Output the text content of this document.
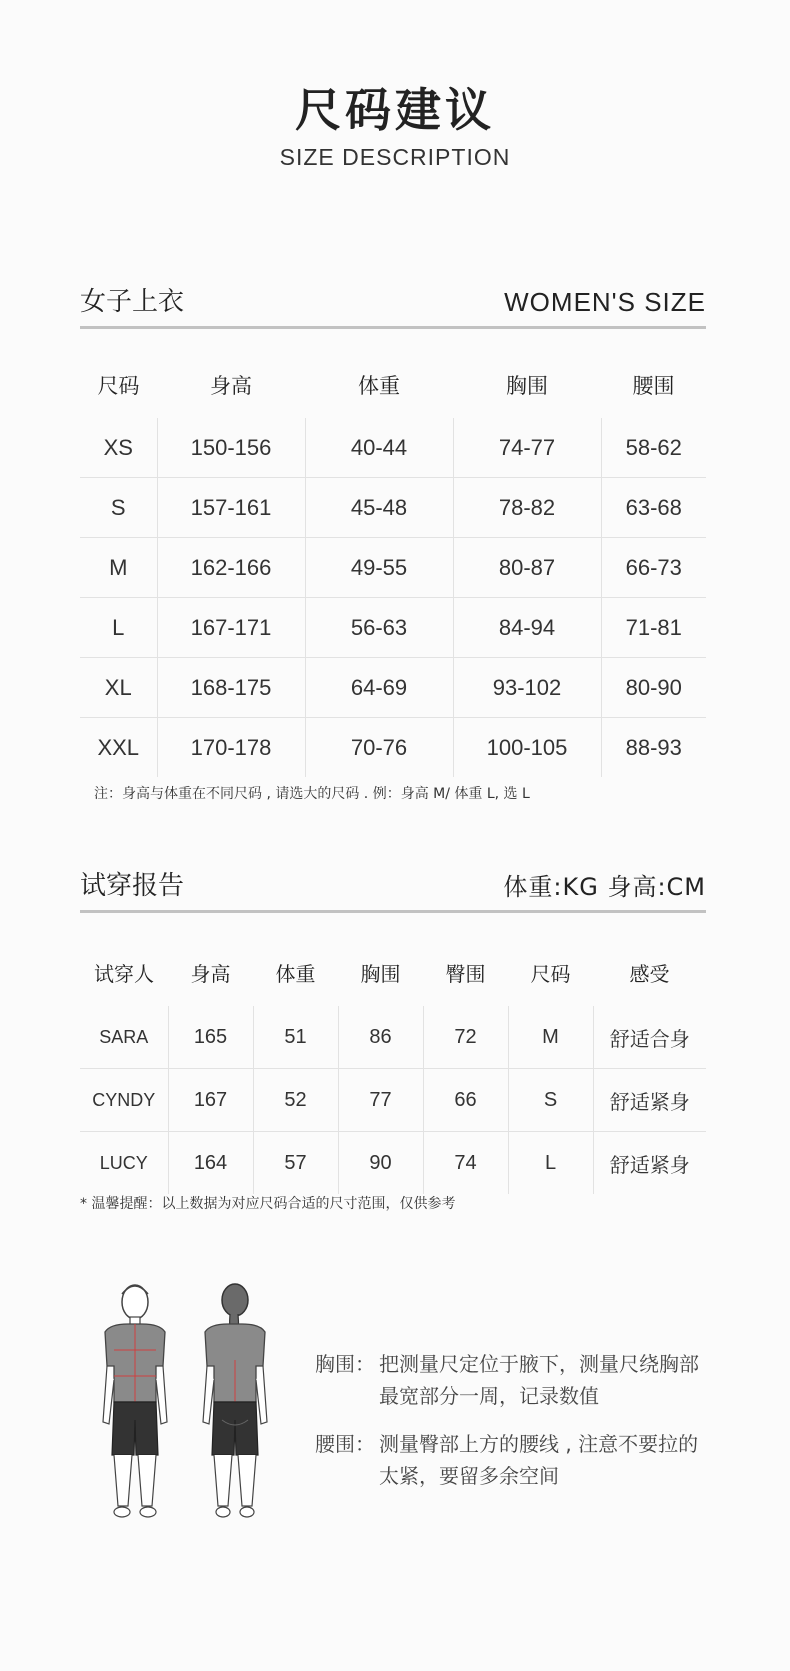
尺码建议
SIZE DESCRIPTION
女子上衣	WOMEN'S SIZE
尺码	身高	体重	胸围	腰围
XS	150-156	40-44	74-77	58-62
S	157-161	45-48	78-82	63-68
M	162-166	49-55	80-87	66-73
L	167-171	56-63	84-94	71-81
XL	168-175	64-69	93-102	80-90
XXL	170-178	70-76	100-105	88-93
注：身高与体重在不同尺码 , 请选大的尺码 . 例：身高 M/ 体重 L, 选 L
试穿报告	体重:KG 身高:CM
试穿人	身高	体重	胸围	臀围	尺码	感受
SARA	165	51	86	72	M	舒适合身
CYNDY	167	52	77	66	S	舒适紧身
LUCY	164	57	90	74	L	舒适紧身
* 温馨提醒：以上数据为对应尺码合适的尺寸范围，仅供参考
胸围： 把测量尺定位于腋下，测量尺绕胸部最宽部分一周，记录数值
腰围： 测量臀部上方的腰线 , 注意不要拉的太紧，要留多余空间
